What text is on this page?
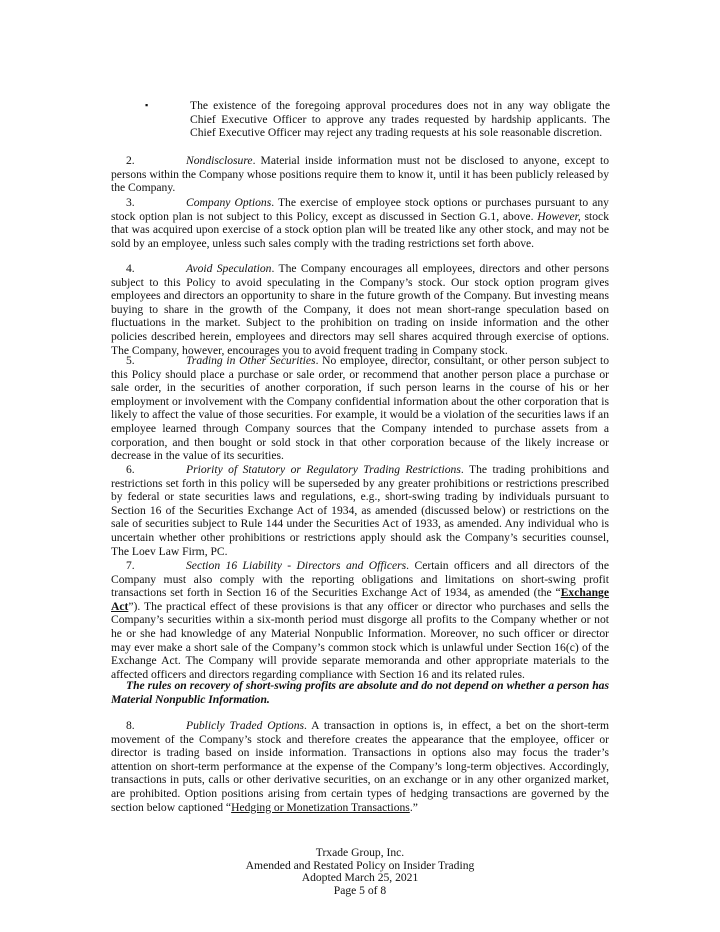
▪	The existence of the foregoing approval procedures does not in any way obligate the Chief Executive Officer to approve any trades requested by hardship applicants. The Chief Executive Officer may reject any trading requests at his sole reasonable discretion.

2.	Nondisclosure. Material inside information must not be disclosed to anyone, except to persons within the Company whose positions require them to know it, until it has been publicly released by the Company.

3.	Company Options. The exercise of employee stock options or purchases pursuant to any stock option plan is not subject to this Policy, except as discussed in Section G.1, above. However, stock that was acquired upon exercise of a stock option plan will be treated like any other stock, and may not be sold by an employee, unless such sales comply with the trading restrictions set forth above.

4.	Avoid Speculation. The Company encourages all employees, directors and other persons subject to this Policy to avoid speculating in the Company’s stock. Our stock option program gives employees and directors an opportunity to share in the future growth of the Company. But investing means buying to share in the growth of the Company, it does not mean short-range speculation based on fluctuations in the market. Subject to the prohibition on trading on inside information and the other policies described herein, employees and directors may sell shares acquired through exercise of options. The Company, however, encourages you to avoid frequent trading in Company stock.

5.	Trading in Other Securities. No employee, director, consultant, or other person subject to this Policy should place a purchase or sale order, or recommend that another person place a purchase or sale order, in the securities of another corporation, if such person learns in the course of his or her employment or involvement with the Company confidential information about the other corporation that is likely to affect the value of those securities. For example, it would be a violation of the securities laws if an employee learned through Company sources that the Company intended to purchase assets from a corporation, and then bought or sold stock in that other corporation because of the likely increase or decrease in the value of its securities.

6.	Priority of Statutory or Regulatory Trading Restrictions. The trading prohibitions and restrictions set forth in this policy will be superseded by any greater prohibitions or restrictions prescribed by federal or state securities laws and regulations, e.g., short-swing trading by individuals pursuant to Section 16 of the Securities Exchange Act of 1934, as amended (discussed below) or restrictions on the sale of securities subject to Rule 144 under the Securities Act of 1933, as amended. Any individual who is uncertain whether other prohibitions or restrictions apply should ask the Company’s securities counsel, The Loev Law Firm, PC.

7.	Section 16 Liability - Directors and Officers. Certain officers and all directors of the Company must also comply with the reporting obligations and limitations on short-swing profit transactions set forth in Section 16 of the Securities Exchange Act of 1934, as amended (the “Exchange Act”). The practical effect of these provisions is that any officer or director who purchases and sells the Company’s securities within a six-month period must disgorge all profits to the Company whether or not he or she had knowledge of any Material Nonpublic Information. Moreover, no such officer or director may ever make a short sale of the Company’s common stock which is unlawful under Section 16(c) of the Exchange Act. The Company will provide separate memoranda and other appropriate materials to the affected officers and directors regarding compliance with Section 16 and its related rules.

The rules on recovery of short-swing profits are absolute and do not depend on whether a person has Material Nonpublic Information.

8.	Publicly Traded Options. A transaction in options is, in effect, a bet on the short-term movement of the Company’s stock and therefore creates the appearance that the employee, officer or director is trading based on inside information. Transactions in options also may focus the trader’s attention on short-term performance at the expense of the Company’s long-term objectives. Accordingly, transactions in puts, calls or other derivative securities, on an exchange or in any other organized market, are prohibited. Option positions arising from certain types of hedging transactions are governed by the section below captioned “Hedging or Monetization Transactions.”

Trxade Group, Inc.
Amended and Restated Policy on Insider Trading
Adopted March 25, 2021
Page 5 of 8
